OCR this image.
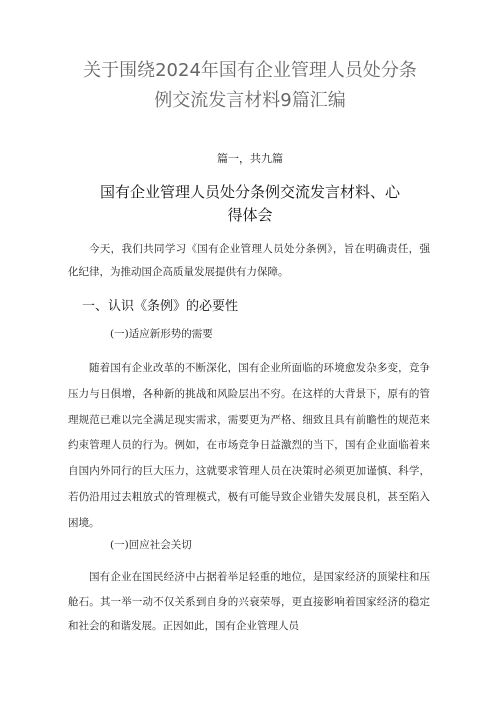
关于围绕2024年国有企业管理人员处分条
例交流发言材料9篇汇编
篇一，共九篇
国有企业管理人员处分条例交流发言材料、心
得体会

今天，我们共同学习《国有企业管理人员处分条例》，旨在明确责任，强化纪律，为推动国企高质量发展提供有力保障。

一、认识《条例》的必要性
(一)适应新形势的需要

随着国有企业改革的不断深化，国有企业所面临的环境愈发杂多变，竞争压力与日俱增，各种新的挑战和风险层出不穷。在这样的大背景下，原有的管理规范已难以完全满足现实需求，需要更为严格、细致且具有前瞻性的规范来约束管理人员的行为。例如，在市场竞争日益激烈的当下，国有企业面临着来自国内外同行的巨大压力，这就要求管理人员在决策时必须更加谨慎、科学，若仍沿用过去粗放式的管理模式，极有可能导致企业错失发展良机，甚至陷入困境。

(一)回应社会关切

国有企业在国民经济中占据着举足轻重的地位，是国家经济的顶梁柱和压舱石。其一举一动不仅关系到自身的兴衰荣辱，更直接影响着国家经济的稳定和社会的和谐发展。正因如此，国有企业管理人员
